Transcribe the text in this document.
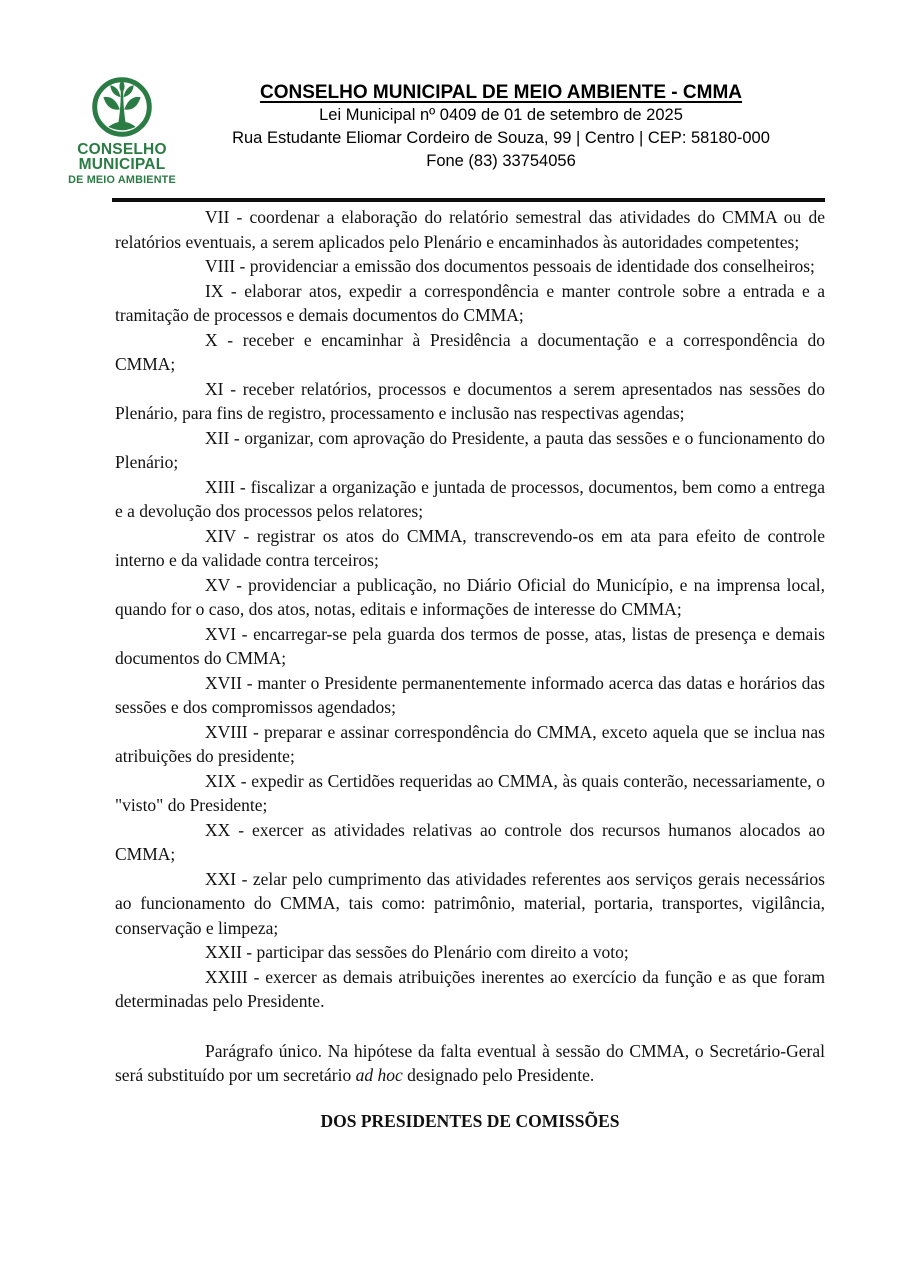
CONSELHO
MUNICIPAL
DE MEIO AMBIENTE
CONSELHO MUNICIPAL DE MEIO AMBIENTE - CMMA
Lei Municipal nº 0409 de 01 de setembro de 2025
Rua Estudante Eliomar Cordeiro de Souza, 99 | Centro | CEP: 58180-000
Fone (83) 33754056

VII - coordenar a elaboração do relatório semestral das atividades do CMMA ou de relatórios eventuais, a serem aplicados pelo Plenário e encaminhados às autoridades competentes;

VIII - providenciar a emissão dos documentos pessoais de identidade dos conselheiros;

IX - elaborar atos, expedir a correspondência e manter controle sobre a entrada e a tramitação de processos e demais documentos do CMMA;

X - receber e encaminhar à Presidência a documentação e a correspondência do CMMA;

XI - receber relatórios, processos e documentos a serem apresentados nas sessões do Plenário, para fins de registro, processamento e inclusão nas respectivas agendas;

XII - organizar, com aprovação do Presidente, a pauta das sessões e o funcionamento do Plenário;

XIII - fiscalizar a organização e juntada de processos, documentos, bem como a entrega e a devolução dos processos pelos relatores;

XIV - registrar os atos do CMMA, transcrevendo-os em ata para efeito de controle interno e da validade contra terceiros;

XV - providenciar a publicação, no Diário Oficial do Município, e na imprensa local, quando for o caso, dos atos, notas, editais e informações de interesse do CMMA;

XVI - encarregar-se pela guarda dos termos de posse, atas, listas de presença e demais documentos do CMMA;

XVII - manter o Presidente permanentemente informado acerca das datas e horários das sessões e dos compromissos agendados;

XVIII - preparar e assinar correspondência do CMMA, exceto aquela que se inclua nas atribuições do presidente;

XIX - expedir as Certidões requeridas ao CMMA, às quais conterão, necessariamente, o "visto" do Presidente;

XX - exercer as atividades relativas ao controle dos recursos humanos alocados ao CMMA;

XXI - zelar pelo cumprimento das atividades referentes aos serviços gerais necessários ao funcionamento do CMMA, tais como: patrimônio, material, portaria, transportes, vigilância, conservação e limpeza;

XXII - participar das sessões do Plenário com direito a voto;

XXIII - exercer as demais atribuições inerentes ao exercício da função e as que foram determinadas pelo Presidente.

Parágrafo único. Na hipótese da falta eventual à sessão do CMMA, o Secretário-Geral será substituído por um secretário ad hoc designado pelo Presidente.

DOS PRESIDENTES DE COMISSÕES
